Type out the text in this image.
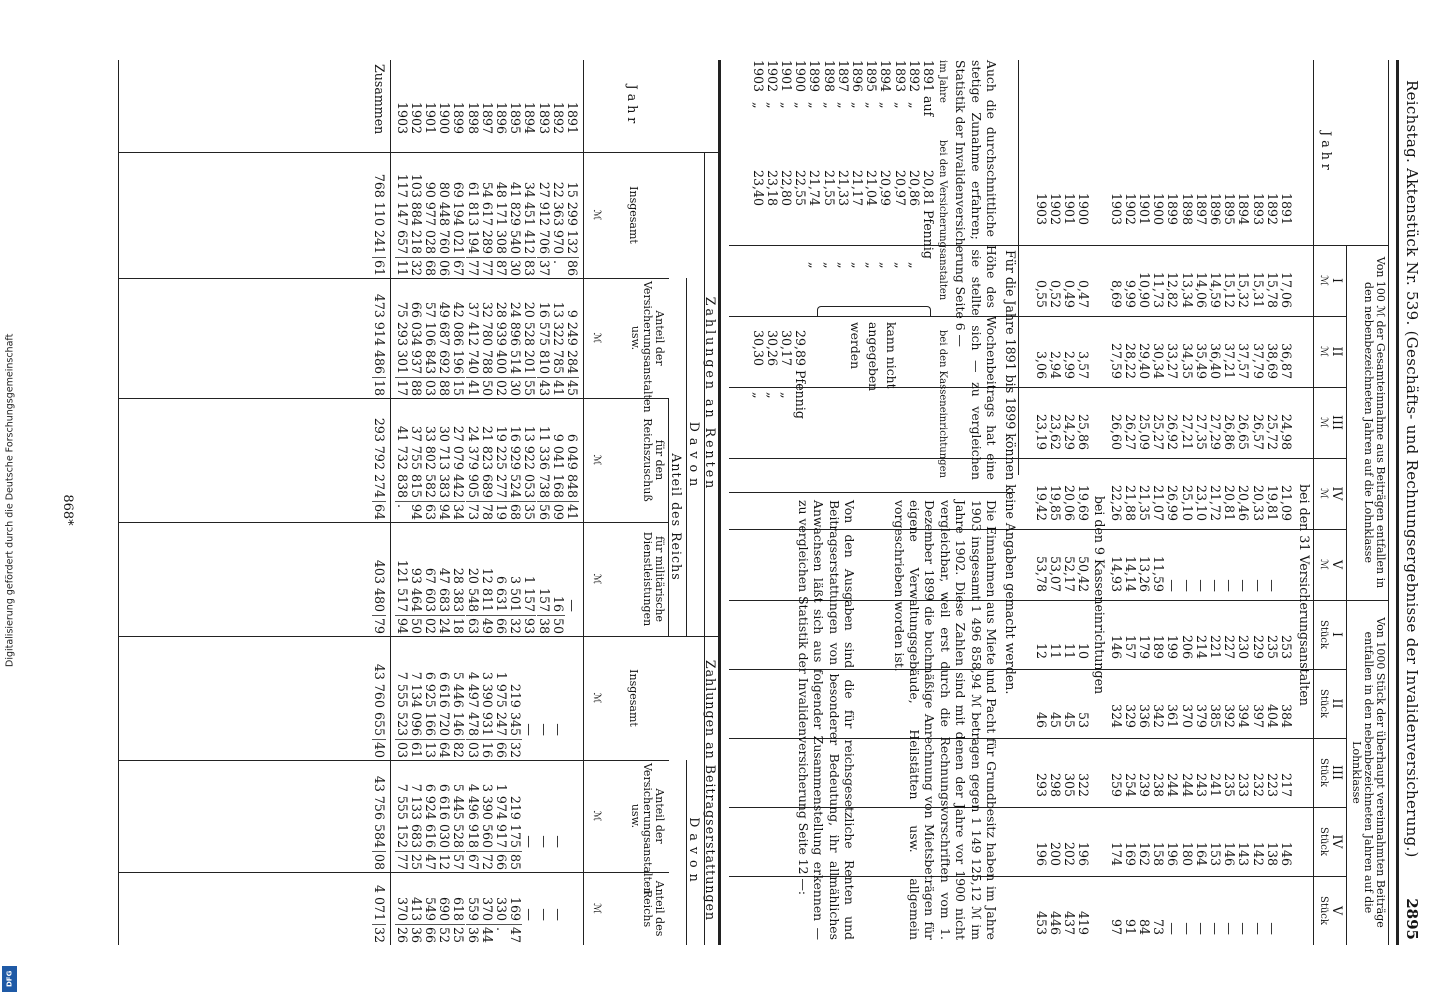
Reichstag. Aktenstück Nr. 539. (Geschäfts- und Rechnungsergebnisse der Invalidenversicherung.)
2895
Jahr
Von 100 ℳ der Gesamteinnahme aus Beiträgen entfallen in den nebenbezeichneten Jahren auf die Lohnklasse
Von 1000 Stück der überhaupt vereinnahmten Beiträge entfallen in den nebenbezeichneten Jahren auf die Lohnklasse
I
ℳ
I
Stück
II
ℳ
II
Stück
III
ℳ
III
Stück
IV
ℳ
IV
Stück
V
ℳ
V
Stück
bei den 31 Versicherungsanstalten
1891
17,06
36,87
24,98
21,09
253
384
217
146
1892
15,78
38,69
25,72
19,81
—
235
404
223
138
—
1893
15,31
37,79
26,57
20,33
—
229
397
232
142
—
1894
15,32
37,57
26,65
20,46
—
230
394
233
143
—
1895
15,12
37,21
26,86
20,81
—
227
392
235
146
—
1896
14,59
36,40
27,29
21,72
—
221
385
241
153
—
1897
14,06
35,49
27,35
23,10
—
214
379
243
164
—
1898
13,34
34,35
27,21
25,10
—
206
370
244
180
—
1899
12,82
33,27
26,92
26,99
—
199
361
244
196
—
1900
11,73
30,34
25,27
21,07
11,59
189
342
238
158
73
1901
10,90
29,40
25,09
21,35
13,26
179
336
239
162
84
1902
9,99
28,22
26,27
21,88
14,14
157
329
254
169
91
1903
8,69
27,59
26,60
22,26
14,93
146
324
259
174
97
bei den 9 Kasseneinrichtungen
1900
0,47
3,57
25,86
19,69
50,42
10
53
322
196
419
1901
0,49
2,99
24,29
20,06
52,17
11
45
305
202
437
1902
0,52
2,94
23,62
19,85
53,07
11
45
298
200
446
1903
0,55
3,06
23,19
19,42
53,78
12
46
293
196
453
Für die Jahre 1891 bis 1899 können keine Angaben gemacht werden.
Auch die durchschnittliche Höhe des Wochenbeitrags hat eine stetige Zunahme erfahren; sie stellte sich — zu vergleichen Statistik der Invalidenversicherung Seite 6 —
im Jahre
bei den Versicherungsanstalten
bei den Kasseneinrichtungen
1891 auf
20,81 Pfennig
1892
„
20,86
„
1893
„
20,97
„
1894
„
20,99
„
1895
„
21,04
„
1896
„
21,17
„
1897
„
21,33
„
1898
„
21,55
„
1899
„
21,74
„
1900
„
22,55
29,89 Pfennig
1901
„
22,80
30,17
„
1902
„
23,18
30,26
„
1903
„
23,40
30,30
„
kann nicht angegeben werden
Die Einnahmen aus Miete und Pacht für Grundbesitz haben im Jahre 1903 insgesamt 1 496 858,94 ℳ betragen gegen 1 149 125,12 ℳ im Jahre 1902. Diese Zahlen sind mit denen der Jahre vor 1900 nicht vergleichbar, weil erst durch die Rechnungsvorschriften vom 1. Dezember 1899 die buchmäßige Anrechnung von Mietsbeträgen für eigene Verwaltungsgebäude, Heilstätten usw. allgemein vorgeschrieben worden ist.
Von den Ausgaben sind die für reichsgesetzliche Renten und Beitragserstattungen von besonderer Bedeutung, ihr allmähliches Anwachsen läßt sich aus folgender Zusammenstellung erkennen — zu vergleichen Statistik der Invalidenversicherung Seite 12 —:
Jahr
Zahlungen an Renten
Zahlungen an Beitragserstattungen
Davon
Davon
Anteil des Reichs
Insgesamt
ℳ
Anteil der Versicherungsanstalten usw.
ℳ
für den Reichszuschuß
ℳ
für militärische Dienstleistungen
ℳ
Insgesamt
ℳ
Anteil der Versicherungsanstalten usw.
ℳ
Anteil des Reichs
ℳ
1891
15 299 132
86
9 249 284
45
6 049 848
41
—
1892
22 363 970
.
13 322 785
41
9 041 168
09
16
50
—
—
—
1893
27 912 706
37
16 575 810
43
11 336 738
56
157
38
—
—
—
1894
34 451 412
83
20 528 201
55
13 922 053
35
1 157
93
—
—
—
1895
41 829 540
30
24 896 514
30
16 929 524
68
3 501
32
219 345
32
219 175
85
169
47
1896
48 171 308
87
28 939 400
02
19 225 277
19
6 631
66
1 975 247
66
1 974 917
66
330
.
1897
54 617 289
77
32 780 788
50
21 823 689
78
12 811
49
3 390 931
16
3 390 560
72
370
44
1898
61 813 194
77
37 412 740
41
24 379 905
73
20 548
63
4 497 478
03
4 496 918
67
559
36
1899
69 194 021
67
42 086 196
15
27 079 442
34
28 383
18
5 446 146
82
5 445 528
57
618
25
1900
80 448 760
06
49 687 692
88
30 713 383
94
47 683
24
6 616 720
64
6 616 030
12
690
52
1901
90 977 028
68
57 106 843
03
33 802 582
63
67 603
02
6 925 166
13
6 924 616
47
549
66
1902
103 884 218
32
66 034 937
88
37 755 815
94
93 464
50
7 134 096
61
7 133 683
25
413
36
1903
117 147 657
11
75 293 301
17
41 732 838
.
121 517
94
7 555 523
03
7 555 152
77
370
26
Zusammen
768 110 241
61
473 914 486
18
293 792 274
64
403 480
79
43 760 655
40
43 756 584
08
4 071
32
868*
Digitalisierung gefördert durch die Deutsche Forschungsgemeinschaft
DFG
